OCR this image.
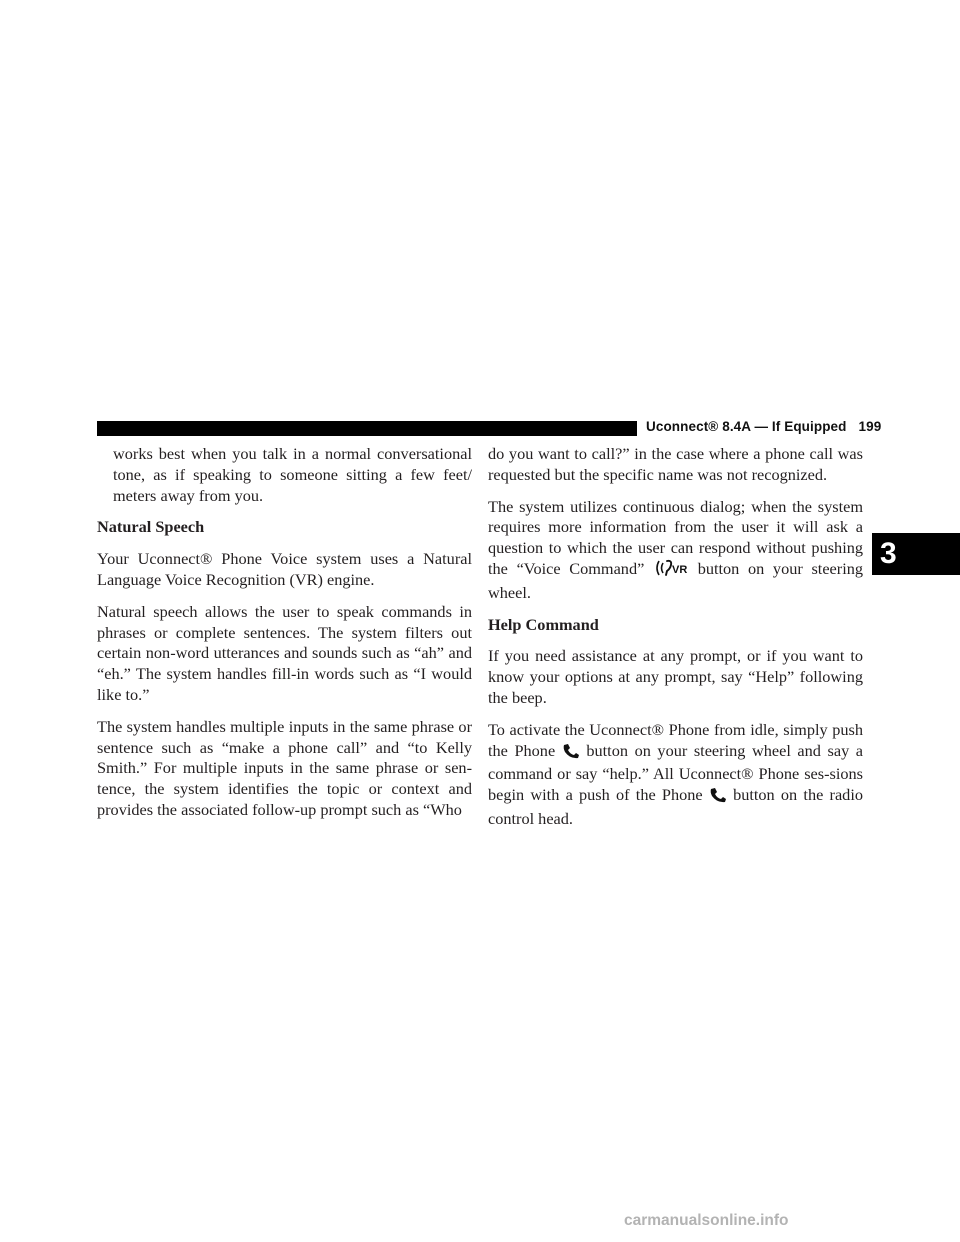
Uconnect® 8.4A — If Equipped 199
3

works best when you talk in a normal conversational tone, as if speaking to someone sitting a few feet/ meters away from you.

Natural Speech

Your Uconnect® Phone Voice system uses a Natural Language Voice Recognition (VR) engine.

Natural speech allows the user to speak commands in phrases or complete sentences. The system filters out certain non-word utterances and sounds such as “ah” and “eh.” The system handles fill-in words such as “I would like to.”

The system handles multiple inputs in the same phrase or sentence such as “make a phone call” and “to Kelly Smith.” For multiple inputs in the same phrase or sen-tence, the system identifies the topic or context and provides the associated follow-up prompt such as “Who

do you want to call?” in the case where a phone call was requested but the specific name was not recognized.

The system utilizes continuous dialog; when the system requires more information from the user it will ask a question to which the user can respond without pushing the “Voice Command”	VR button on your steering wheel.

Help Command

If you need assistance at any prompt, or if you want to know your options at any prompt, say “Help” following the beep.

To activate the Uconnect® Phone from idle, simply push the Phone button on your steering wheel and say a command or say “help.” All Uconnect® Phone ses-sions begin with a push of the Phone button on the radio control head.

carmanualsonline.info
